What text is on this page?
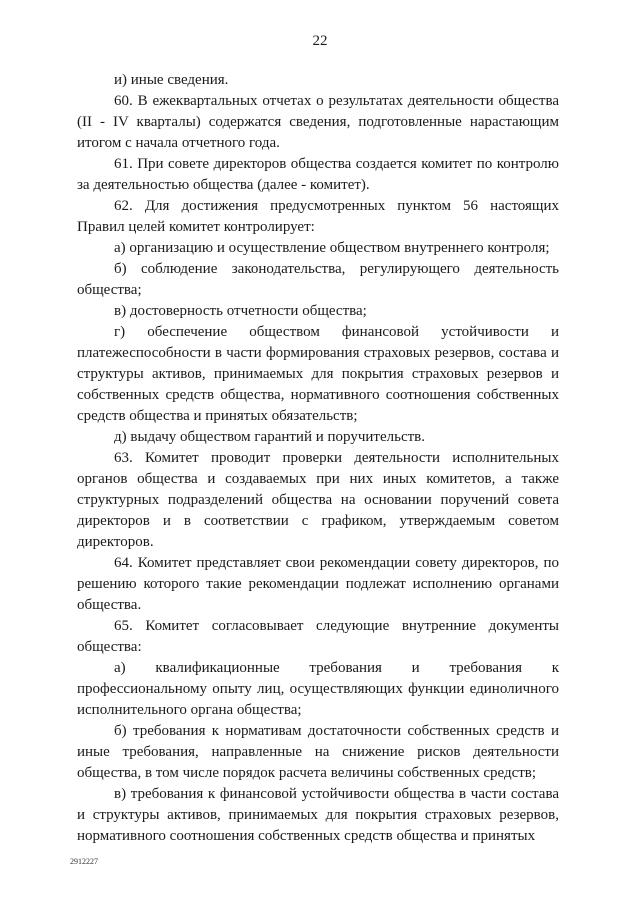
22

и) иные сведения.

60. В ежеквартальных отчетах о результатах деятельности общества (II - IV кварталы) содержатся сведения, подготовленные нарастающим итогом с начала отчетного года.

61. При совете директоров общества создается комитет по контролю за деятельностью общества (далее - комитет).

62. Для достижения предусмотренных пунктом 56 настоящих Правил целей комитет контролирует:

а) организацию и осуществление обществом внутреннего контроля;

б) соблюдение законодательства, регулирующего деятельность общества;

в) достоверность отчетности общества;

г) обеспечение обществом финансовой устойчивости и платежеспособности в части формирования страховых резервов, состава и структуры активов, принимаемых для покрытия страховых резервов и собственных средств общества, нормативного соотношения собственных средств общества и принятых обязательств;

д) выдачу обществом гарантий и поручительств.

63. Комитет проводит проверки деятельности исполнительных органов общества и создаваемых при них иных комитетов, а также структурных подразделений общества на основании поручений совета директоров и в соответствии с графиком, утверждаемым советом директоров.

64. Комитет представляет свои рекомендации совету директоров, по решению которого такие рекомендации подлежат исполнению органами общества.

65. Комитет согласовывает следующие внутренние документы общества:

а) квалификационные требования и требования к профессиональному опыту лиц, осуществляющих функции единоличного исполнительного органа общества;

б) требования к нормативам достаточности собственных средств и иные требования, направленные на снижение рисков деятельности общества, в том числе порядок расчета величины собственных средств;

в) требования к финансовой устойчивости общества в части состава и структуры активов, принимаемых для покрытия страховых резервов, нормативного соотношения собственных средств общества и принятых

2912227
